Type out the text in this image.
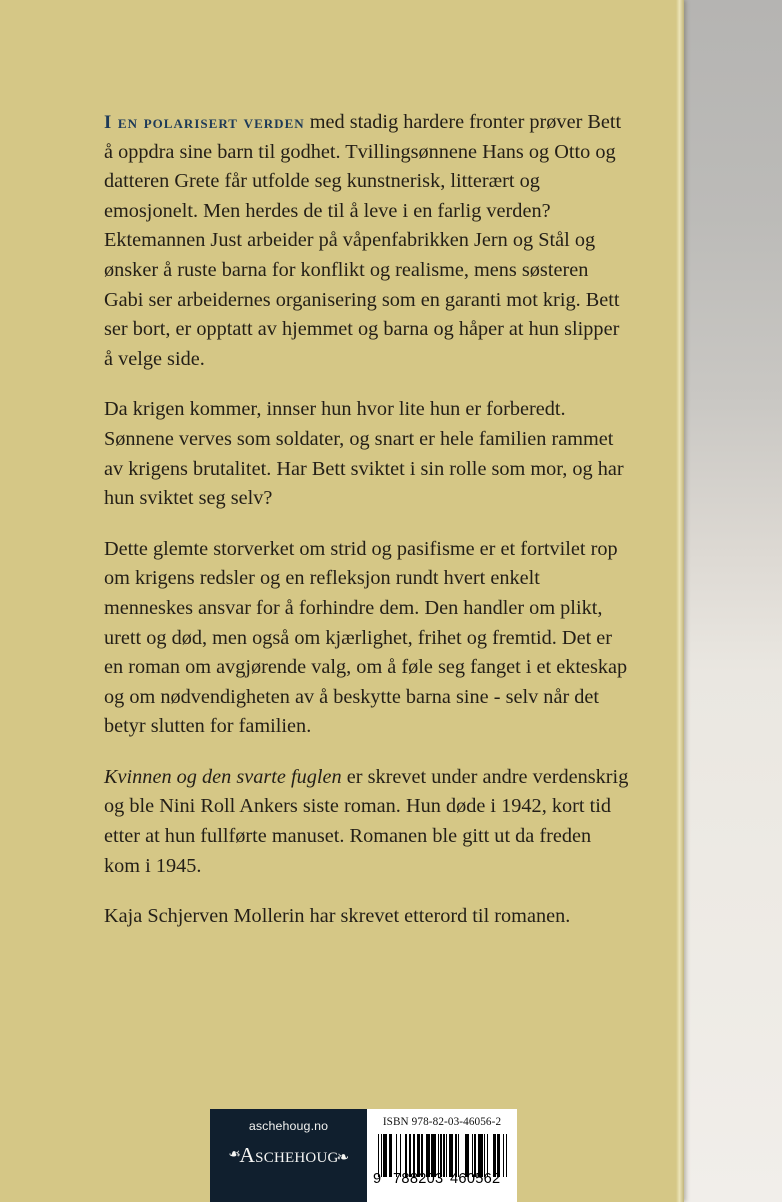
I en polarisert verden med stadig hardere fronter prøver Bett å oppdra sine barn til godhet. Tvillingsønnene Hans og Otto og datteren Grete får utfolde seg kunstnerisk, litterært og emosjonelt. Men herdes de til å leve i en farlig verden? Ektemannen Just arbeider på våpenfabrikken Jern og Stål og ønsker å ruste barna for konflikt og realisme, mens søsteren Gabi ser arbeidernes organisering som en garanti mot krig. Bett ser bort, er opptatt av hjemmet og barna og håper at hun slipper å velge side.

Da krigen kommer, innser hun hvor lite hun er forberedt. Sønnene verves som soldater, og snart er hele familien rammet av krigens brutalitet. Har Bett sviktet i sin rolle som mor, og har hun sviktet seg selv?

Dette glemte storverket om strid og pasifisme er et fortvilet rop om krigens redsler og en refleksjon rundt hvert enkelt menneskes ansvar for å forhindre dem. Den handler om plikt, urett og død, men også om kjærlighet, frihet og fremtid. Det er en roman om avgjørende valg, om å føle seg fanget i et ekteskap og om nødvendigheten av å beskytte barna sine - selv når det betyr slutten for familien.

Kvinnen og den svarte fuglen er skrevet under andre verdenskrig og ble Nini Roll Ankers siste roman. Hun døde i 1942, kort tid etter at hun fullførte manuset. Romanen ble gitt ut da freden kom i 1945.

Kaja Schjerven Mollerin har skrevet etterord til romanen.

aschehoug.no
❧Aschehoug❧
ISBN 978-82-03-46056-2
9 788203 460562
